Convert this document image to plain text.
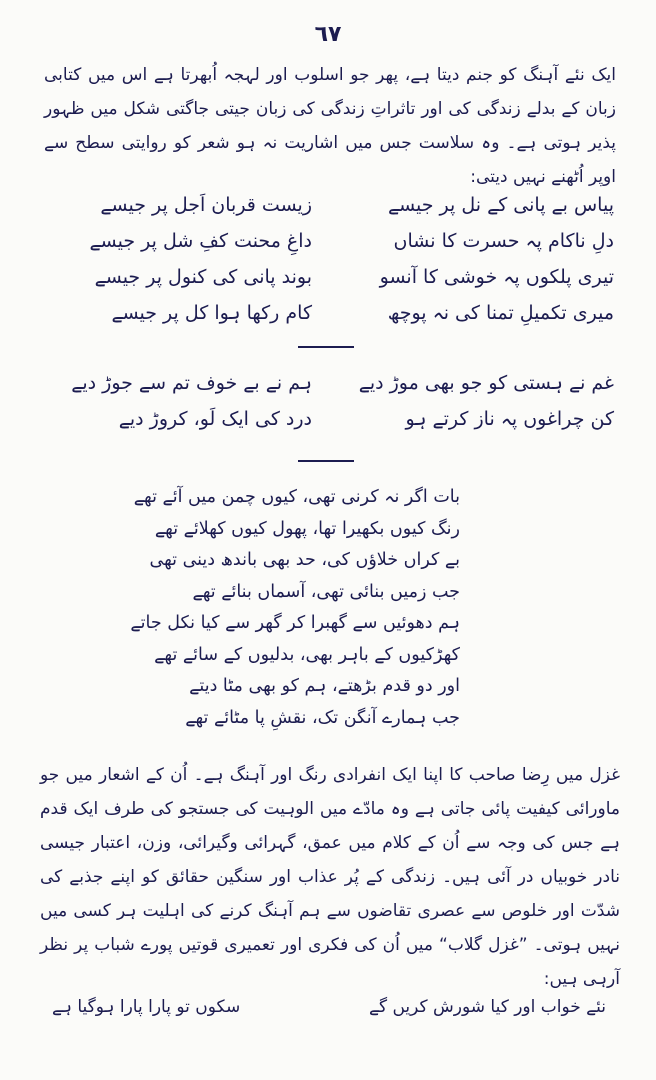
٦٧

ایک نئے آہنگ کو جنم دیتا ہے، پھر جو اسلوب اور لہجہ اُبھرتا ہے اس میں کتابی زبان کے بدلے زندگی کی اور تاثراتِ زندگی کی زبان جیتی جاگتی شکل میں ظہور پذیر ہوتی ہے۔ وہ سلاست جس میں اشاریت نہ ہو شعر کو روایتی سطح سے اوپر اُٹھنے نہیں دیتی:

پیاس بے پانی کے نل پر جیسے
زیست قربان اَجل پر جیسے
دلِ ناکام پہ حسرت کا نشاں
داغِ محنت کفِ شل پر جیسے
تیری پلکوں پہ خوشی کا آنسو
بوند پانی کی کنول پر جیسے
میری تکمیلِ تمنا کی نہ پوچھ
کام رکھا ہوا کل پر جیسے
غم نے ہستی کو جو بھی موڑ دیے
ہم نے بے خوف تم سے جوڑ دیے
کن چراغوں پہ ناز کرتے ہو
درد کی ایک لَو، کروڑ دیے
بات اگر نہ کرنی تھی، کیوں چمن میں آئے تھے
رنگ کیوں بکھیرا تھا، پھول کیوں کھلائے تھے
بے کراں خلاؤں کی، حد بھی باندھ دینی تھی
جب زمیں بنائی تھی، آسماں بنائے تھے
ہم دھوئیں سے گھبرا کر گھر سے کیا نکل جاتے
کھڑکیوں کے باہر بھی، بدلیوں کے سائے تھے
اور دو قدم بڑھتے، ہم کو بھی مٹا دیتے
جب ہمارے آنگن تک، نقشِ پا مٹائے تھے

غزل میں رِضا صاحب کا اپنا ایک انفرادی رنگ اور آہنگ ہے۔ اُن کے اشعار میں جو ماورائی کیفیت پائی جاتی ہے وہ مادّے میں الوہیت کی جستجو کی طرف ایک قدم ہے جس کی وجہ سے اُن کے کلام میں عمق، گہرائی وگیرائی، وزن، اعتبار جیسی نادر خوبیاں در آئی ہیں۔ زندگی کے پُر عذاب اور سنگین حقائق کو اپنے جذبے کی شدّت اور خلوص سے عصری تقاضوں سے ہم آہنگ کرنے کی اہلیت ہر کسی میں نہیں ہوتی۔ ”غزل گلاب“ میں اُن کی فکری اور تعمیری قوتیں پورے شباب پر نظر آرہی ہیں:

نئے خواب اور کیا شورش کریں گے
سکوں تو پارا پارا ہوگیا ہے
